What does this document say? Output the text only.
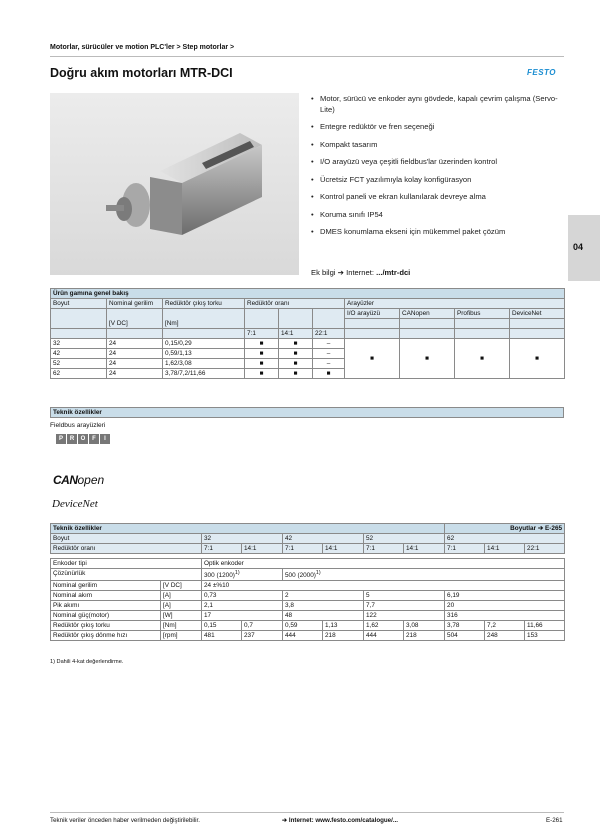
Motorlar, sürücüler ve motion PLC'ler > Step motorlar >
Doğru akım motorları MTR-DCI	FESTO
• Motor, sürücü ve enkoder aynı gövdede, kapalı çevrim çalışma (Servo-Lite)
• Entegre redüktör ve fren seçeneği
• Kompakt tasarım
• I/O arayüzü veya çeşitli fieldbus'lar üzerinden kontrol
• Ücretsiz FCT yazılımıyla kolay konfigürasyon
• Kontrol paneli ve ekran kullanılarak devreye alma
• Koruma sınıfı IP54
• DMES konumlama ekseni için mükemmel paket çözüm
Ek bilgi ➔ Internet: .../mtr-dci
04
Ürün gamına genel bakış									
Boyut	Nominal gerilim	Redüktör çıkış torku	Redüktör oranı			Arayüzler			
	[V DC]	[Nm]				I/O arayüzü	CANopen	Profibus	DeviceNet

			7:1	14:1	22:1				
32	24	0,15/0,29	■	■	–	■	■	■	■
42	24	0,59/1,13	■	■	–				
52	24	1,62/3,08	■	■	–				
62	24	3,78/7,2/11,66	■	■	■				
Teknik özellikler
Fieldbus arayüzleri
P R O F I
CANopen
DeviceNet
Teknik özellikler								Boyutlar ➔ E-265		
Boyut		32		42		52		62		
Redüktör oranı		7:1	14:1	7:1	14:1	7:1	14:1	7:1	14:1	22:1

Enkoder tipi		Optik enkoder								
Çözünürlük		300 $(1200)^{1)}$		500 $(2000)^{1)}$
Nominal gerilim	[V DC]	24 ±%10								
Nominal akım	[A]	0,73		2		5		6,19		
Pik akımı	[A]	2,1		3,8		7,7		20		
Nominal güç(motor)	[W]	17		48		122		316		
Redüktör çıkış torku	[Nm]	0,15	0,7	0,59	1,13	1,62	3,08	3,78	7,2	11,66
Redüktör çıkış dönme hızı	[rpm]	481	237	444	218	444	218	504	248	153
1) Dahili 4-kat değerlendirme.
Teknik veriler önceden haber verilmeden değiştirilebilir.	➔ Internet: www.festo.com/catalogue/...	E-261
